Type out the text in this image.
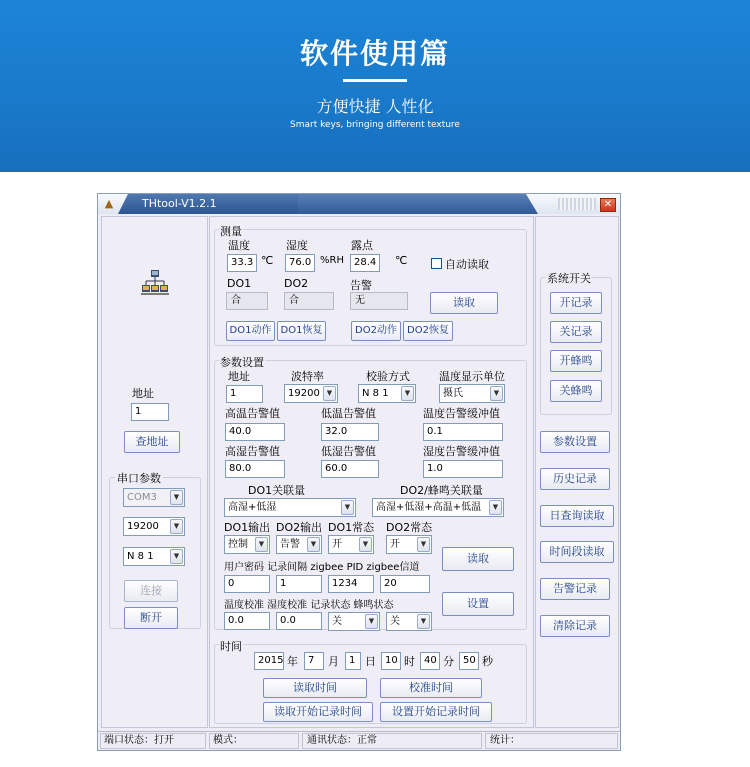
软件使用篇
方便快捷 人性化
Smart keys, bringing different texture
▲	THtool-V1.2.1	✕
地址
1
查地址
串口参数
COM3	▼
19200	▼
N 8 1	▼
连接
断开
测量
温度	湿度	露点
33.3 ℃	76.0 %RH	28.4	℃	自动读取
DO1	DO2	告警
合	合	无	读取
DO1动作 DO1恢复	DO2动作	DO2恢复
参数设置
地址	波特率	校验方式	温度显示单位
1	19200 ▼	N 8 1	▼	摄氏	▼
高温告警值	低温告警值	温度告警缓冲值
40.0	32.0	0.1
高湿告警值	低湿告警值	湿度告警缓冲值
80.0	60.0	1.0
DO1关联量	DO2/蜂鸣关联量
高湿+低湿	▼	高湿+低湿+高温+低温	▼
DO1输出 DO2输出 DO1常态 DO2常态
控制	▼	告警	▼	开	▼	开	▼
读取
设置
用户密码 记录间隔 zigbee PID zigbee信道
0	1	1234	20
温度校准 湿度校准 记录状态 蜂鸣状态
0.0	0.0	关	▼	关	▼
时间
2015 年	7	月	1 日 10 时 40 分 50 秒
读取时间	校准时间
读取开始记录时间	设置开始记录时间
系统开关
开记录
关记录
开蜂鸣
关蜂鸣
参数设置
历史记录
日查询读取
时间段读取
告警记录
清除记录
端口状态：打开	模式：	通讯状态：正常	统计：
